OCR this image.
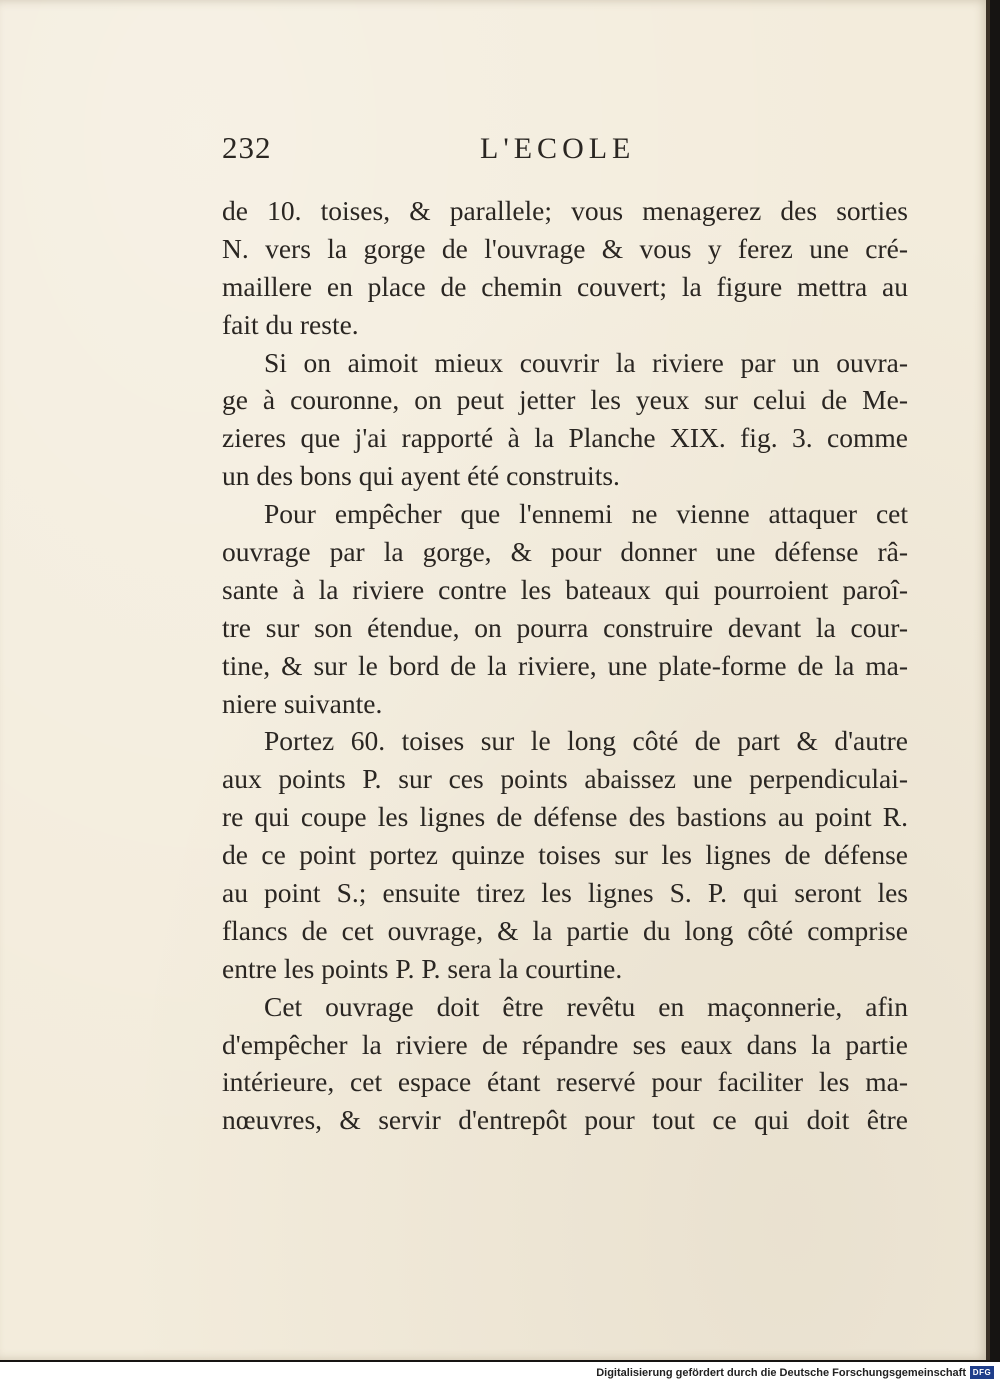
232	L'ECOLE
de 10. toises, & parallele; vous menagerez des sorties
N. vers la gorge de l'ouvrage & vous y ferez une cré-
maillere en place de chemin couvert; la figure mettra au
fait du reste.
Si on aimoit mieux couvrir la riviere par un ouvra-
ge à couronne, on peut jetter les yeux sur celui de Me-
zieres que j'ai rapporté à la Planche XIX. fig. 3. comme
un des bons qui ayent été construits.
Pour empêcher que l'ennemi ne vienne attaquer cet
ouvrage par la gorge, & pour donner une défense râ-
sante à la riviere contre les bateaux qui pourroient paroî-
tre sur son étendue, on pourra construire devant la cour-
tine, & sur le bord de la riviere, une plate-forme de la ma-
niere suivante.
Portez 60. toises sur le long côté de part & d'autre
aux points P. sur ces points abaissez une perpendiculai-
re qui coupe les lignes de défense des bastions au point R.
de ce point portez quinze toises sur les lignes de défense
au point S.; ensuite tirez les lignes S. P. qui seront les
flancs de cet ouvrage, & la partie du long côté comprise
entre les points P. P. sera la courtine.
Cet ouvrage doit être revêtu en maçonnerie, afin
d'empêcher la riviere de répandre ses eaux dans la partie
intérieure, cet espace étant reservé pour faciliter les ma-
nœuvres, & servir d'entrepôt pour tout ce qui doit être
Digitalisierung gefördert durch die Deutsche Forschungsgemeinschaft DFG
